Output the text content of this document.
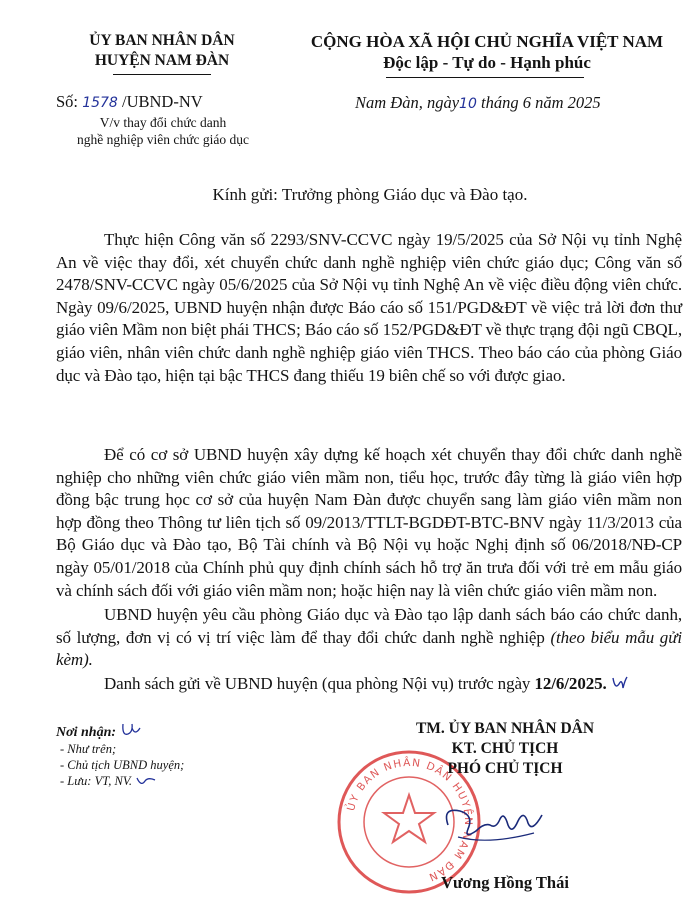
ỦY BAN NHÂN DÂN
HUYỆN NAM ĐÀN
CỘNG HÒA XÃ HỘI CHỦ NGHĨA VIỆT NAM
Độc lập - Tự do - Hạnh phúc
Số: 1578 /UBND-NV
V/v thay đổi chức danh
nghề nghiệp viên chức giáo dục
Nam Đàn, ngày10 tháng 6 năm 2025
Kính gửi: Trưởng phòng Giáo dục và Đào tạo.
Thực hiện Công văn số 2293/SNV-CCVC ngày 19/5/2025 của Sở Nội vụ tỉnh Nghệ An về việc thay đổi, xét chuyển chức danh nghề nghiệp viên chức giáo dục; Công văn số 2478/SNV-CCVC ngày 05/6/2025 của Sở Nội vụ tỉnh Nghệ An về việc điều động viên chức. Ngày 09/6/2025, UBND huyện nhận được Báo cáo số 151/PGD&ĐT về việc trả lời đơn thư giáo viên Mầm non biệt phái THCS; Báo cáo số 152/PGD&ĐT về thực trạng đội ngũ CBQL, giáo viên, nhân viên chức danh nghề nghiệp giáo viên THCS. Theo báo cáo của phòng Giáo dục và Đào tạo, hiện tại bậc THCS đang thiếu 19 biên chế so với được giao.
Để có cơ sở UBND huyện xây dựng kế hoạch xét chuyển thay đổi chức danh nghề nghiệp cho những viên chức giáo viên mầm non, tiểu học, trước đây từng là giáo viên hợp đồng bậc trung học cơ sở của huyện Nam Đàn được chuyển sang làm giáo viên mầm non hợp đồng theo Thông tư liên tịch số 09/2013/TTLT-BGDĐT-BTC-BNV ngày 11/3/2013 của Bộ Giáo dục và Đào tạo, Bộ Tài chính và Bộ Nội vụ hoặc Nghị định số 06/2018/NĐ-CP ngày 05/01/2018 của Chính phủ quy định chính sách hỗ trợ ăn trưa đối với trẻ em mẫu giáo và chính sách đối với giáo viên mầm non; hoặc hiện nay là viên chức giáo viên mầm non.
UBND huyện yêu cầu phòng Giáo dục và Đào tạo lập danh sách báo cáo chức danh, số lượng, đơn vị có vị trí việc làm để thay đổi chức danh nghề nghiệp (theo biểu mẫu gửi kèm).
Danh sách gửi về UBND huyện (qua phòng Nội vụ) trước ngày 12/6/2025.
Nơi nhận:
- Như trên;
- Chủ tịch UBND huyện;
- Lưu: VT, NV.
ỦY BAN NHÂN DÂN HUYỆN NAM ĐÀN
TM. ỦY BAN NHÂN DÂN
KT. CHỦ TỊCH
PHÓ CHỦ TỊCH
Vương Hồng Thái
